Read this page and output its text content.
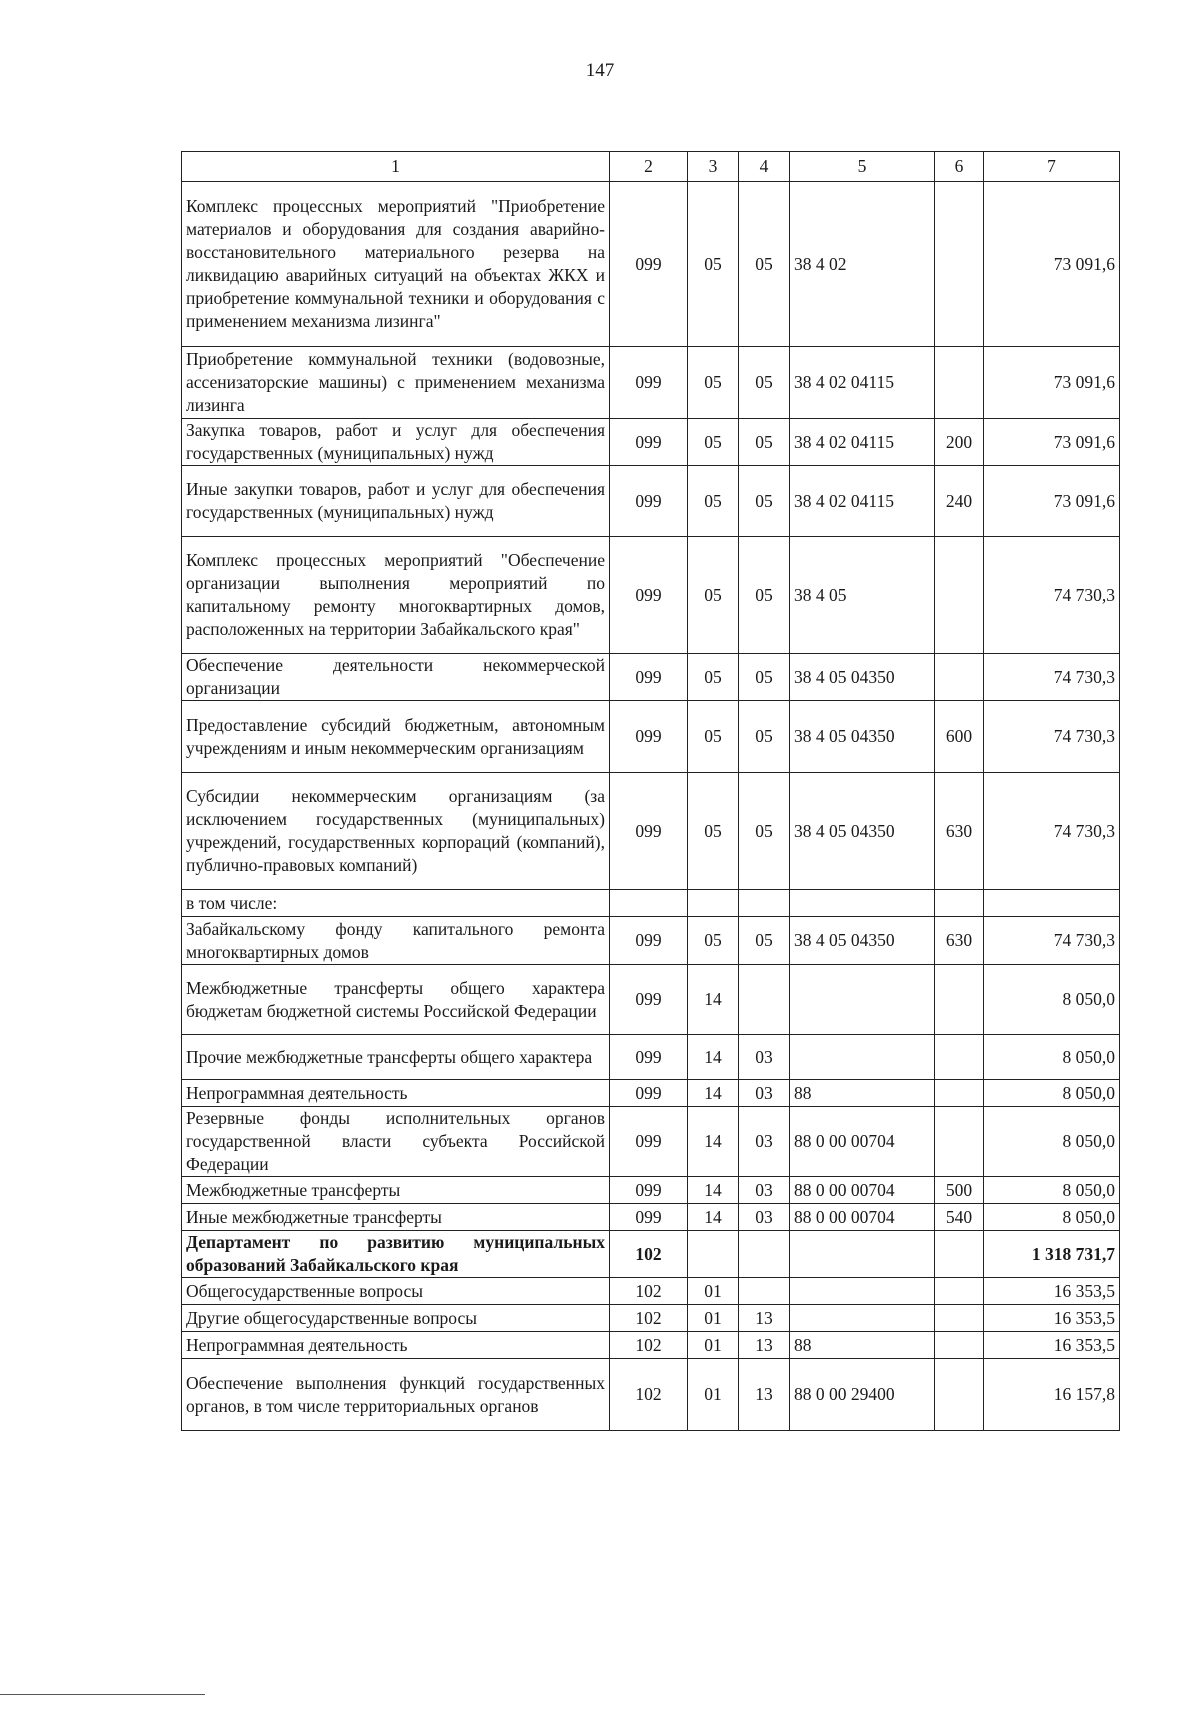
147
1	2	3	4	5	6	7
Комплекс процессных мероприятий "Приобретение материалов и оборудования для создания аварийно-восстановительного материального резерва на ликвидацию аварийных ситуаций на объектах ЖКХ и приобретение коммунальной техники и оборудования с применением механизма лизинга"	099	05	05	38 4 02		73 091,6
Приобретение коммунальной техники (водовозные, ассенизаторские машины) с применением механизма лизинга	099	05	05	38 4 02 04115		73 091,6
Закупка товаров, работ и услуг для обеспечения государственных (муниципальных) нужд	099	05	05	38 4 02 04115	200	73 091,6
Иные закупки товаров, работ и услуг для обеспечения государственных (муниципальных) нужд	099	05	05	38 4 02 04115	240	73 091,6
Комплекс процессных мероприятий "Обеспечение организации выполнения мероприятий по капитальному ремонту многоквартирных домов, расположенных на территории Забайкальского края"	099	05	05	38 4 05		74 730,3
Обеспечение деятельности некоммерческой организации	099	05	05	38 4 05 04350		74 730,3
Предоставление субсидий бюджетным, автономным учреждениям и иным некоммерческим организациям	099	05	05	38 4 05 04350	600	74 730,3
Субсидии некоммерческим организациям (за исключением государственных (муниципальных) учреждений, государственных корпораций (компаний), публично-правовых компаний)	099	05	05	38 4 05 04350	630	74 730,3
в том числе:						
Забайкальскому фонду капитального ремонта многоквартирных домов	099	05	05	38 4 05 04350	630	74 730,3
Межбюджетные трансферты общего характера бюджетам бюджетной системы Российской Федерации	099	14				8 050,0
Прочие межбюджетные трансферты общего характера	099	14	03			8 050,0
Непрограммная деятельность	099	14	03	88		8 050,0
Резервные фонды исполнительных органов государственной власти субъекта Российской Федерации	099	14	03	88 0 00 00704		8 050,0
Межбюджетные трансферты	099	14	03	88 0 00 00704	500	8 050,0
Иные межбюджетные трансферты	099	14	03	88 0 00 00704	540	8 050,0
Департамент по развитию муниципальных образований Забайкальского края	102					1 318 731,7
Общегосударственные вопросы	102	01				16 353,5
Другие общегосударственные вопросы	102	01	13			16 353,5
Непрограммная деятельность	102	01	13	88		16 353,5
Обеспечение выполнения функций государственных органов, в том числе территориальных органов	102	01	13	88 0 00 29400		16 157,8
